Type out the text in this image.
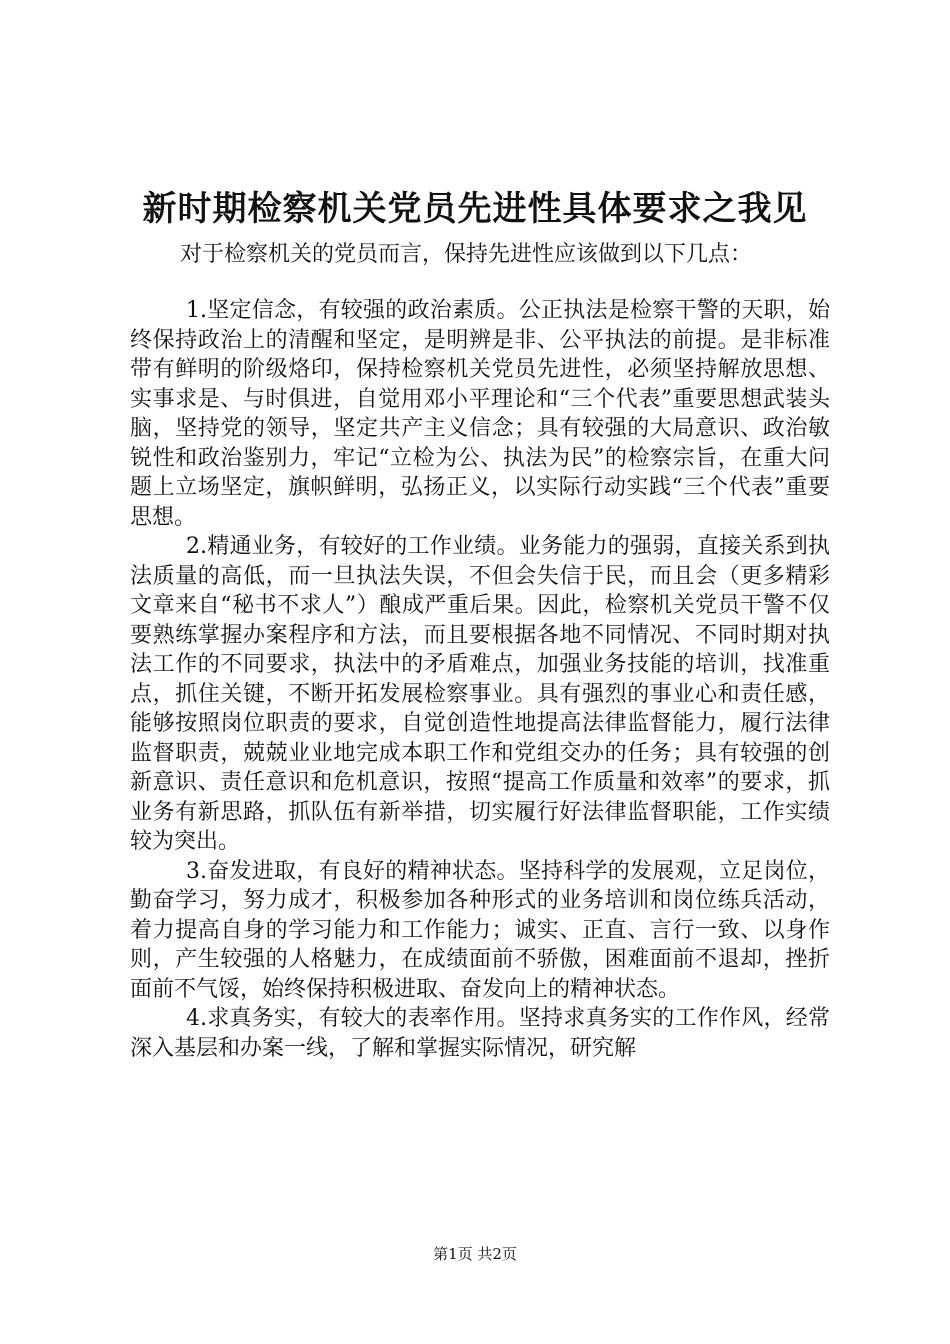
新时期检察机关党员先进性具体要求之我见
对于检察机关的党员而言，保持先进性应该做到以下几点：

1.坚定信念，有较强的政治素质。公正执法是检察干警的天职，始终保持政治上的清醒和坚定，是明辨是非、公平执法的前提。是非标准带有鲜明的阶级烙印，保持检察机关党员先进性，必须坚持解放思想、实事求是、与时俱进，自觉用邓小平理论和“三个代表”重要思想武装头脑，坚持党的领导，坚定共产主义信念；具有较强的大局意识、政治敏锐性和政治鉴别力，牢记“立检为公、执法为民”的检察宗旨，在重大问题上立场坚定，旗帜鲜明，弘扬正义，以实际行动实践“三个代表”重要思想。

2.精通业务，有较好的工作业绩。业务能力的强弱，直接关系到执法质量的高低，而一旦执法失误，不但会失信于民，而且会（更多精彩文章来自“秘书不求人”）酿成严重后果。因此，检察机关党员干警不仅要熟练掌握办案程序和方法，而且要根据各地不同情况、不同时期对执法工作的不同要求，执法中的矛盾难点，加强业务技能的培训，找准重点，抓住关键，不断开拓发展检察事业。具有强烈的事业心和责任感，能够按照岗位职责的要求，自觉创造性地提高法律监督能力，履行法律监督职责，兢兢业业地完成本职工作和党组交办的任务；具有较强的创新意识、责任意识和危机意识，按照“提高工作质量和效率”的要求，抓业务有新思路，抓队伍有新举措，切实履行好法律监督职能，工作实绩较为突出。

3.奋发进取，有良好的精神状态。坚持科学的发展观，立足岗位，勤奋学习，努力成才，积极参加各种形式的业务培训和岗位练兵活动，着力提高自身的学习能力和工作能力；诚实、正直、言行一致、以身作则，产生较强的人格魅力，在成绩面前不骄傲，困难面前不退却，挫折面前不气馁，始终保持积极进取、奋发向上的精神状态。

4.求真务实，有较大的表率作用。坚持求真务实的工作作风，经常深入基层和办案一线，了解和掌握实际情况，研究解

第1页 共2页
